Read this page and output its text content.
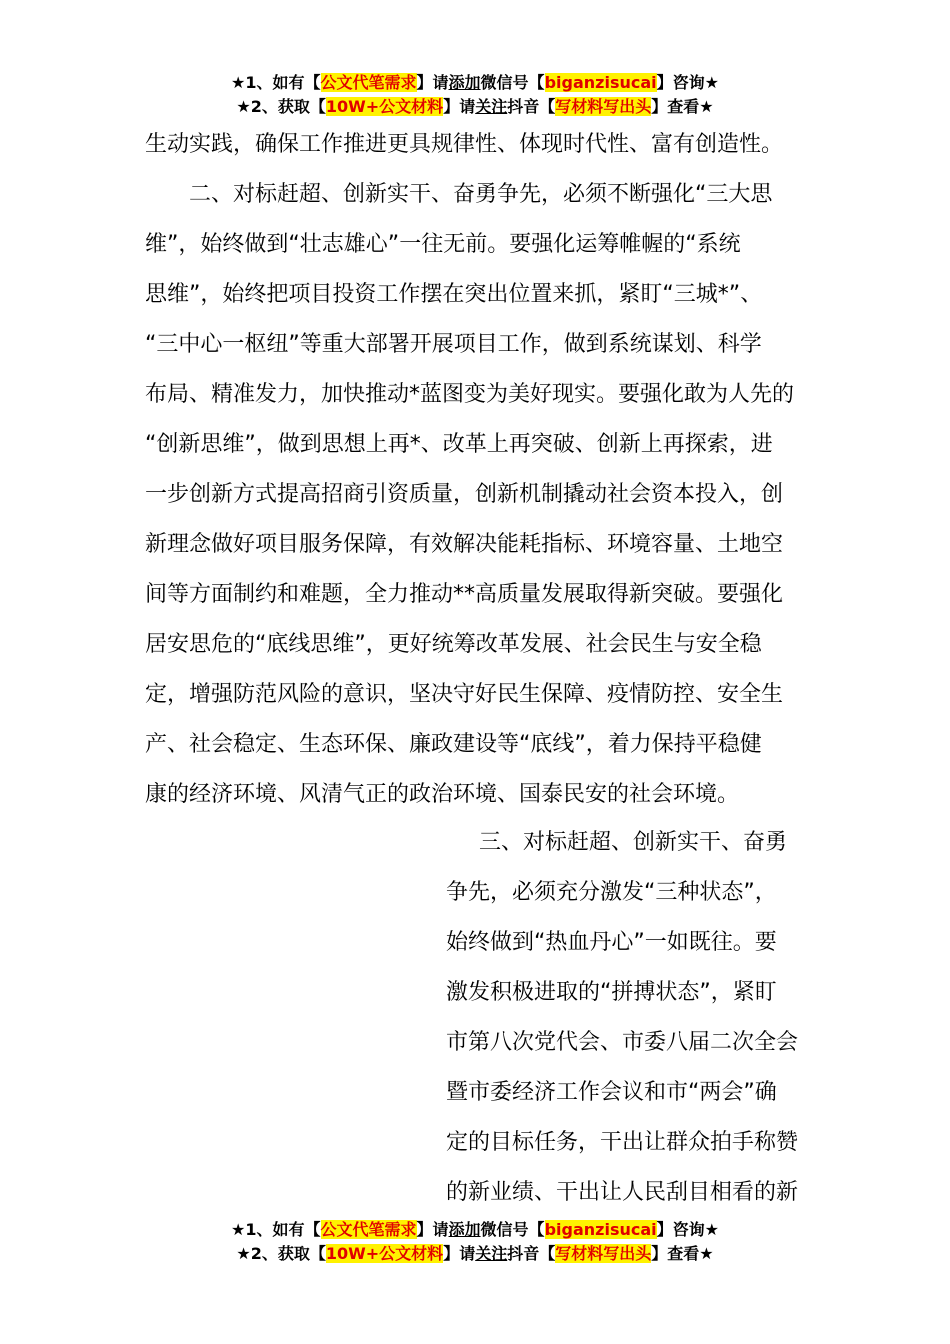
★1、如有【公文代笔需求】请添加微信号【biganzisucai】咨询★
★2、获取【10W+公文材料】请关注抖音【写材料写出头】查看★
生动实践，确保工作推进更具规律性、体现时代性、富有创造性。
二、对标赶超、创新实干、奋勇争先，必须不断强化“三大思
维”，始终做到“壮志雄心”一往无前。要强化运筹帷幄的“系统
思维”，始终把项目投资工作摆在突出位置来抓，紧盯“三城*”、
“三中心一枢纽”等重大部署开展项目工作，做到系统谋划、科学
布局、精准发力，加快推动*蓝图变为美好现实。要强化敢为人先的
“创新思维”，做到思想上再*、改革上再突破、创新上再探索，进
一步创新方式提高招商引资质量，创新机制撬动社会资本投入，创
新理念做好项目服务保障，有效解决能耗指标、环境容量、土地空
间等方面制约和难题，全力推动**高质量发展取得新突破。要强化
居安思危的“底线思维”，更好统筹改革发展、社会民生与安全稳
定，增强防范风险的意识，坚决守好民生保障、疫情防控、安全生
产、社会稳定、生态环保、廉政建设等“底线”，着力保持平稳健
康的经济环境、风清气正的政治环境、国泰民安的社会环境。
三、对标赶超、创新实干、奋勇
争先，必须充分激发“三种状态”，
始终做到“热血丹心”一如既往。要
激发积极进取的“拼搏状态”，紧盯
市第八次党代会、市委八届二次全会
暨市委经济工作会议和市“两会”确
定的目标任务，干出让群众拍手称赞
的新业绩、干出让人民刮目相看的新
★1、如有【公文代笔需求】请添加微信号【biganzisucai】咨询★
★2、获取【10W+公文材料】请关注抖音【写材料写出头】查看★
